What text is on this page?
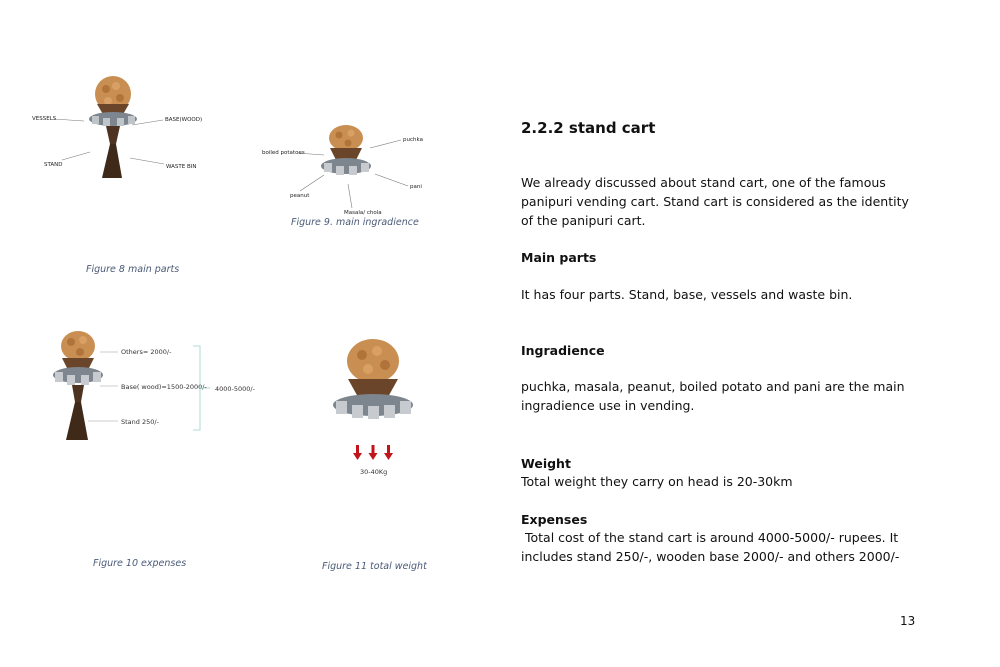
VESSELS	BASE(WOOD)
STAND	WASTE BIN
Figure 8 main parts
puchka
boiled potatoes
peanut
pani
Masala/ chola
Figure 9. main ingradience
Others= 2000/-
Base( wood)=1500-2000/-
Stand 250/-
4000-5000/-
Figure 10 expenses
30-40Kg
Figure 11 total weight
2.2.2 stand cart
We already discussed about stand cart, one of the famous panipuri vending cart. Stand cart is considered as the identity of the panipuri cart.
Main parts
It has four parts. Stand, base, vessels and waste bin.
Ingradience
puchka, masala, peanut, boiled potato and pani are the main ingradience use in vending.
Weight
Total weight they carry on head is 20-30km
Expenses
Total cost of the stand cart is around 4000-5000/- rupees. It includes stand 250/-, wooden base 2000/- and others 2000/-
13
